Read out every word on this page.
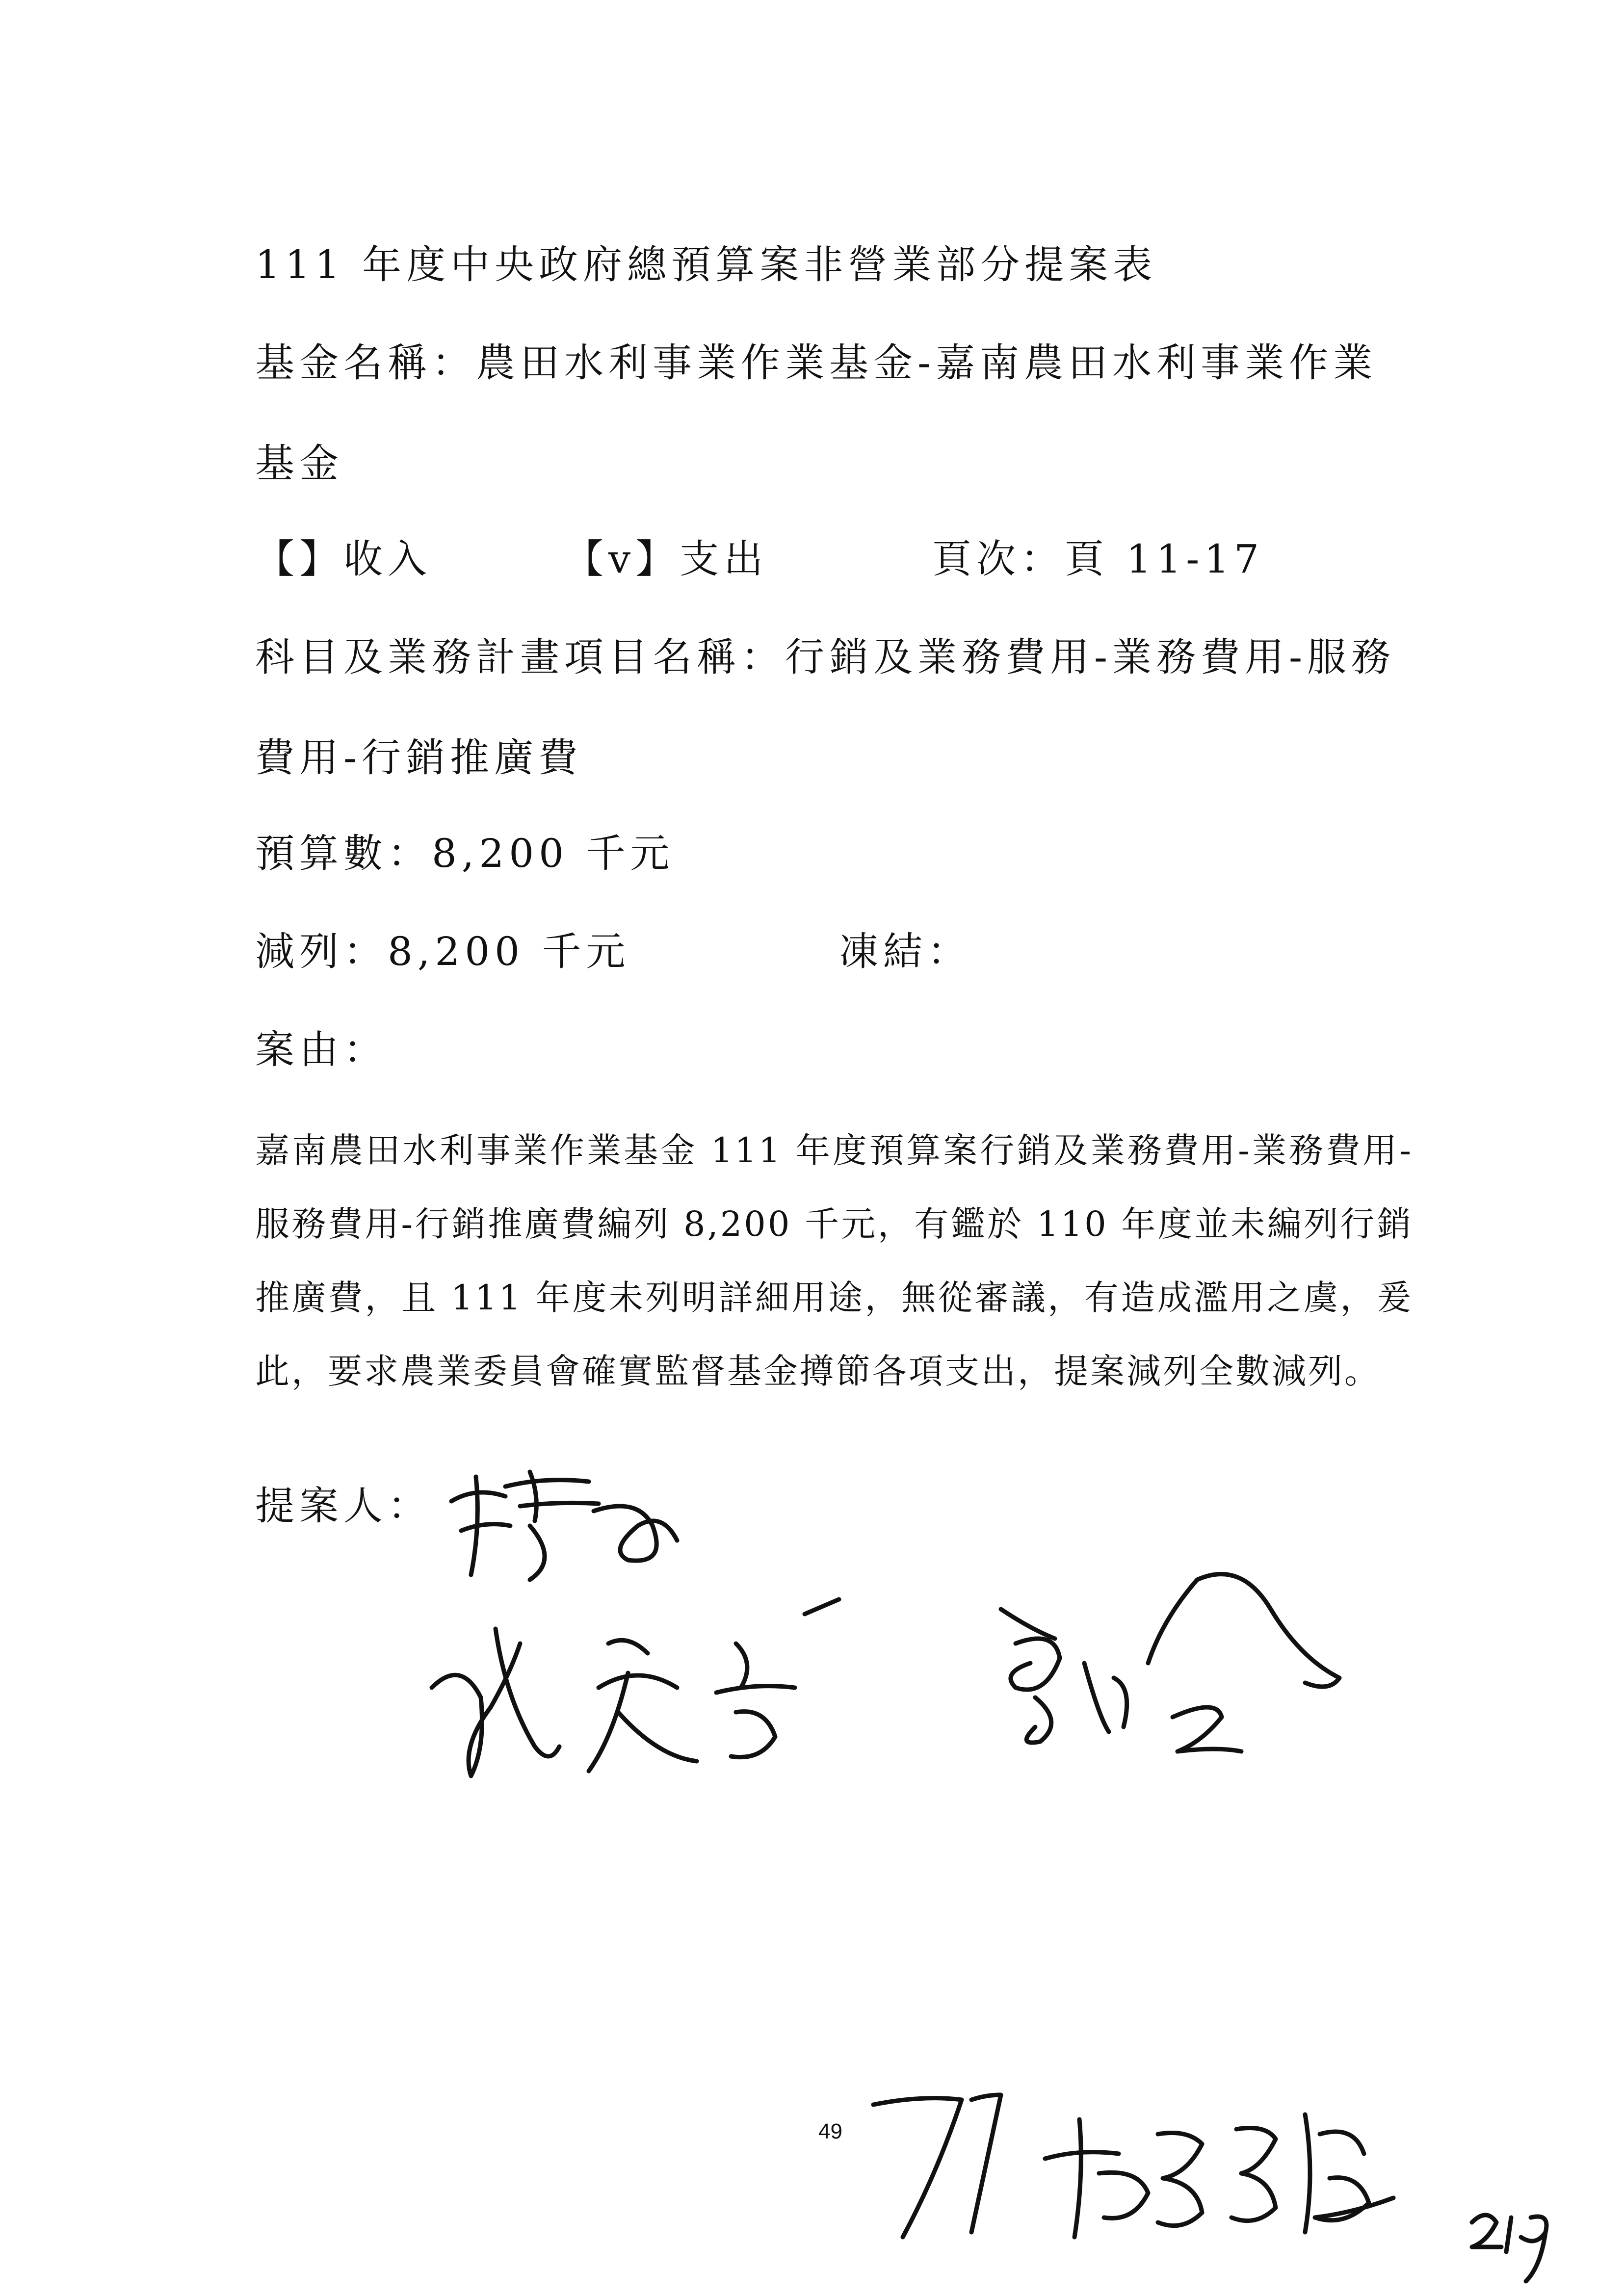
111 年度中央政府總預算案非營業部分提案表
基金名稱：農田水利事業作業基金-嘉南農田水利事業作業
基金
【】收入	【v】支出	頁次：頁 11-17
科目及業務計畫項目名稱：行銷及業務費用-業務費用-服務
費用-行銷推廣費
預算數：8,200 千元
減列：8,200 千元	凍結：
案由：
嘉南農田水利事業作業基金 111 年度預算案行銷及業務費用-業務費用-服務費用-行銷推廣費編列 8,200 千元，有鑑於 110 年度並未編列行銷推廣費，且 111 年度未列明詳細用途，無從審議，有造成濫用之虞，爰此，要求農業委員會確實監督基金撙節各項支出，提案減列全數減列。
提案人：
49
